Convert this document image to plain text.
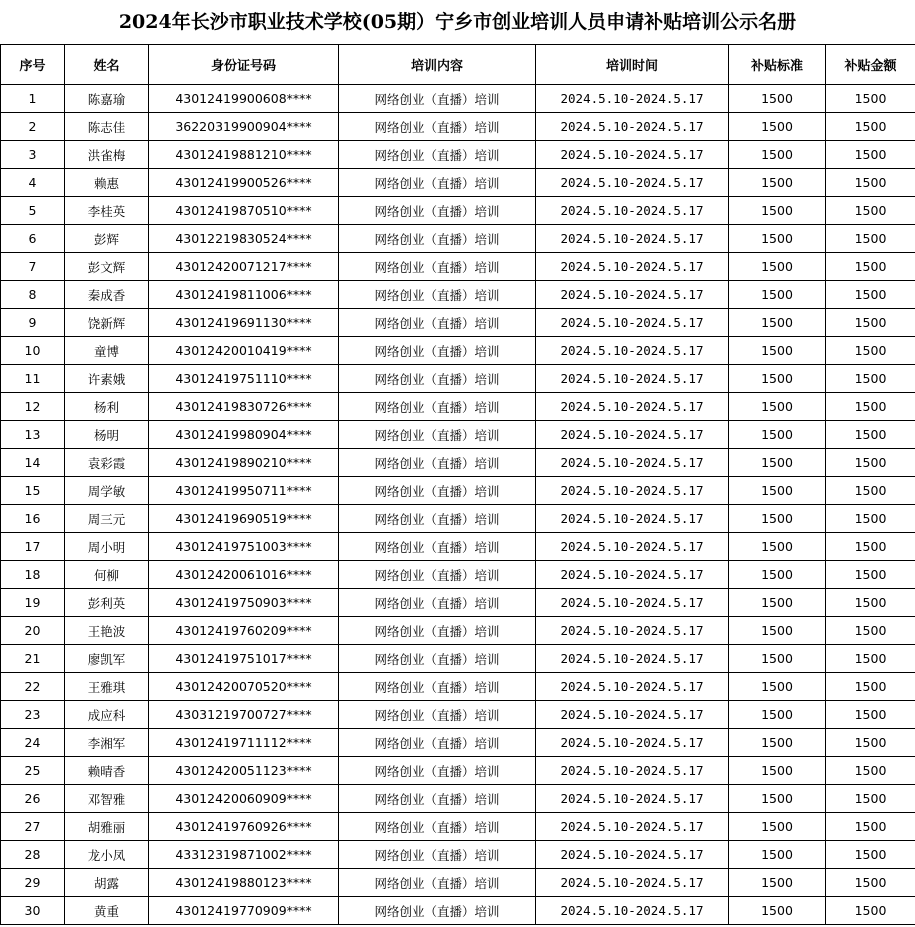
2024年长沙市职业技术学校(05期）宁乡市创业培训人员申请补贴培训公示名册
序号	姓名	身份证号码	培训内容	培训时间	补贴标准	补贴金额
1	陈嘉瑜	43012419900608****	网络创业（直播）培训	2024.5.10-2024.5.17	1500	1500
2	陈志佳	36220319900904****	网络创业（直播）培训	2024.5.10-2024.5.17	1500	1500
3	洪雀梅	43012419881210****	网络创业（直播）培训	2024.5.10-2024.5.17	1500	1500
4	赖惠	43012419900526****	网络创业（直播）培训	2024.5.10-2024.5.17	1500	1500
5	李桂英	43012419870510****	网络创业（直播）培训	2024.5.10-2024.5.17	1500	1500
6	彭辉	43012219830524****	网络创业（直播）培训	2024.5.10-2024.5.17	1500	1500
7	彭文辉	43012420071217****	网络创业（直播）培训	2024.5.10-2024.5.17	1500	1500
8	秦成香	43012419811006****	网络创业（直播）培训	2024.5.10-2024.5.17	1500	1500
9	饶新辉	43012419691130****	网络创业（直播）培训	2024.5.10-2024.5.17	1500	1500
10	童博	43012420010419****	网络创业（直播）培训	2024.5.10-2024.5.17	1500	1500
11	许素娥	43012419751110****	网络创业（直播）培训	2024.5.10-2024.5.17	1500	1500
12	杨利	43012419830726****	网络创业（直播）培训	2024.5.10-2024.5.17	1500	1500
13	杨明	43012419980904****	网络创业（直播）培训	2024.5.10-2024.5.17	1500	1500
14	袁彩霞	43012419890210****	网络创业（直播）培训	2024.5.10-2024.5.17	1500	1500
15	周学敏	43012419950711****	网络创业（直播）培训	2024.5.10-2024.5.17	1500	1500
16	周三元	43012419690519****	网络创业（直播）培训	2024.5.10-2024.5.17	1500	1500
17	周小明	43012419751003****	网络创业（直播）培训	2024.5.10-2024.5.17	1500	1500
18	何柳	43012420061016****	网络创业（直播）培训	2024.5.10-2024.5.17	1500	1500
19	彭利英	43012419750903****	网络创业（直播）培训	2024.5.10-2024.5.17	1500	1500
20	王艳波	43012419760209****	网络创业（直播）培训	2024.5.10-2024.5.17	1500	1500
21	廖凯军	43012419751017****	网络创业（直播）培训	2024.5.10-2024.5.17	1500	1500
22	王雅琪	43012420070520****	网络创业（直播）培训	2024.5.10-2024.5.17	1500	1500
23	成应科	43031219700727****	网络创业（直播）培训	2024.5.10-2024.5.17	1500	1500
24	李湘军	43012419711112****	网络创业（直播）培训	2024.5.10-2024.5.17	1500	1500
25	赖晴香	43012420051123****	网络创业（直播）培训	2024.5.10-2024.5.17	1500	1500
26	邓智雅	43012420060909****	网络创业（直播）培训	2024.5.10-2024.5.17	1500	1500
27	胡雅丽	43012419760926****	网络创业（直播）培训	2024.5.10-2024.5.17	1500	1500
28	龙小凤	43312319871002****	网络创业（直播）培训	2024.5.10-2024.5.17	1500	1500
29	胡露	43012419880123****	网络创业（直播）培训	2024.5.10-2024.5.17	1500	1500
30	黄重	43012419770909****	网络创业（直播）培训	2024.5.10-2024.5.17	1500	1500
